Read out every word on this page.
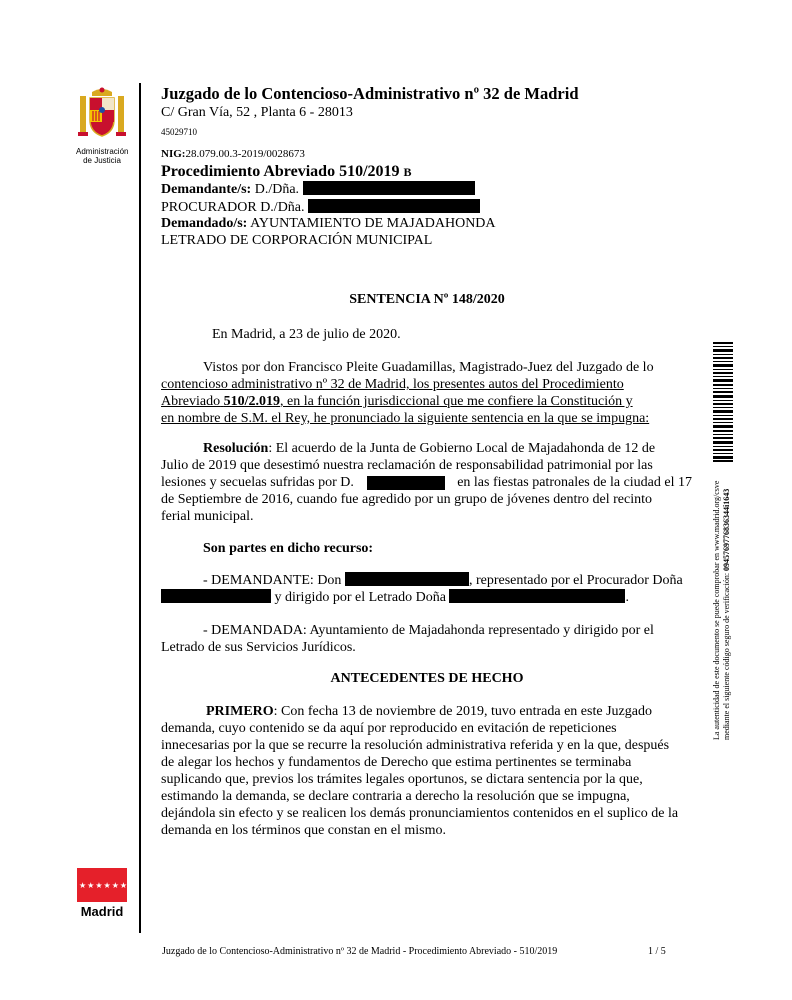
Administración
de Justicia
Juzgado de lo Contencioso-Administrativo nº 32 de Madrid
C/ Gran Vía, 52 , Planta 6 - 28013
45029710
NIG:28.079.00.3-2019/0028673
Procedimiento Abreviado 510/2019 B
Demandante/s: D./Dña.
PROCURADOR D./Dña.
Demandado/s: AYUNTAMIENTO DE MAJADAHONDA
LETRADO DE CORPORACIÓN MUNICIPAL
SENTENCIA Nº 148/2020
En Madrid, a 23 de julio de 2020.
Vistos por don Francisco Pleite Guadamillas, Magistrado-Juez del Juzgado de lo
contencioso administrativo nº 32 de Madrid, los presentes autos del Procedimiento
Abreviado 510/2.019, en la función jurisdiccional que me confiere la Constitución y
en nombre de S.M. el Rey, he pronunciado la siguiente sentencia en la que se impugna:
Resolución: El acuerdo de la Junta de Gobierno Local de Majadahonda de 12 de
Julio de 2019 que desestimó nuestra reclamación de responsabilidad patrimonial por las
lesiones y secuelas sufridas por D.	en las fiestas patronales de la ciudad el 17
de Septiembre de 2016, cuando fue agredido por un grupo de jóvenes dentro del recinto
ferial municipal.
Son partes en dicho recurso:
- DEMANDANTE: Don	, representado por el Procurador Doña
y dirigido por el Letrado Doña	.
- DEMANDADA: Ayuntamiento de Majadahonda representado y dirigido por el
Letrado de sus Servicios Jurídicos.
ANTECEDENTES DE HECHO
PRIMERO: Con fecha 13 de noviembre de 2019, tuvo entrada en este Juzgado
demanda, cuyo contenido se da aquí por reproducido en evitación de repeticiones
innecesarias por la que se recurre la resolución administrativa referida y en la que, después
de alegar los hechos y fundamentos de Derecho que estima pertinentes se terminaba
suplicando que, previos los trámites legales oportunos, se dictara sentencia por la que,
estimando la demanda, se declare contraria a derecho la resolución que se impugna,
dejándola sin efecto y se realicen los demás pronunciamientos contenidos en el suplico de la
demanda en los términos que constan en el mismo.
La autenticidad de este documento se puede comprobar en www.madrid.org/csve mediante el siguiente código seguro de verificación: 0945769776836344i1643
★★★★★★★
Madrid
Juzgado de lo Contencioso-Administrativo nº 32 de Madrid - Procedimiento Abreviado - 510/2019	1 / 5
